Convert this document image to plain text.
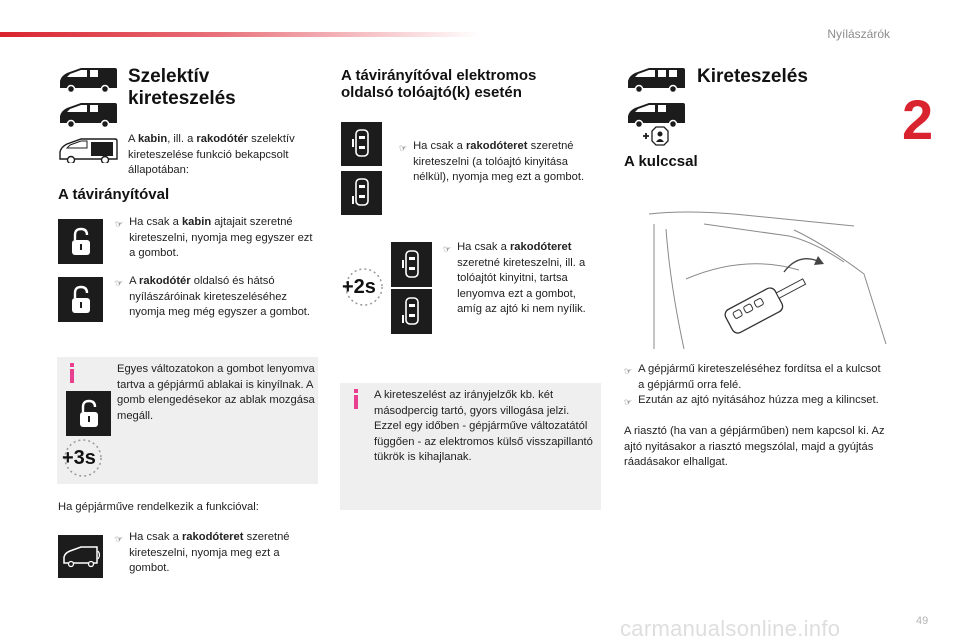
Nyílászárók
2
Szelektív
kireteszelés
A kabin, ill. a rakodótér szelektív kireteszelése funkció bekapcsolt állapotában:
A távirányítóval
☞ Ha csak a kabin ajtajait szeretné kireteszelni, nyomja meg egyszer ezt a gombot.
☞ A rakodótér oldalsó és hátsó nyílászáróinak kireteszeléséhez nyomja meg még egyszer a gombot.
Egyes változatokon a gombot lenyomva tartva a gépjármű ablakai is kinyílnak. A gomb elengedésekor az ablak mozgása megáll.
+3s
Ha gépjárműve rendelkezik a funkcióval:
☞ Ha csak a rakodóteret szeretné kireteszelni, nyomja meg ezt a gombot.
A távirányítóval elektromos
oldalsó tolóajtó(k) esetén
☞ Ha csak a rakodóteret szeretné kireteszelni (a tolóajtó kinyitása nélkül), nyomja meg ezt a gombot.
+2s
☞ Ha csak a rakodóteret szeretné kireteszelni, ill. a tolóajtót kinyitni, tartsa lenyomva ezt a gombot, amíg az ajtó ki nem nyílik.
A kireteszelést az irányjelzők kb. két másodpercig tartó, gyors villogása jelzi. Ezzel egy időben - gépjárműve változatától függően - az elektromos külső visszapillantó tükrök is kihajlanak.
Kireteszelés
A kulccsal
☞ A gépjármű kireteszeléséhez fordítsa el a kulcsot a gépjármű orra felé.
☞ Ezután az ajtó nyitásához húzza meg a kilincset.
A riasztó (ha van a gépjárműben) nem kapcsol ki. Az ajtó nyitásakor a riasztó megszólal, majd a gyújtás ráadásakor elhallgat.
carmanualsonline.info	49
